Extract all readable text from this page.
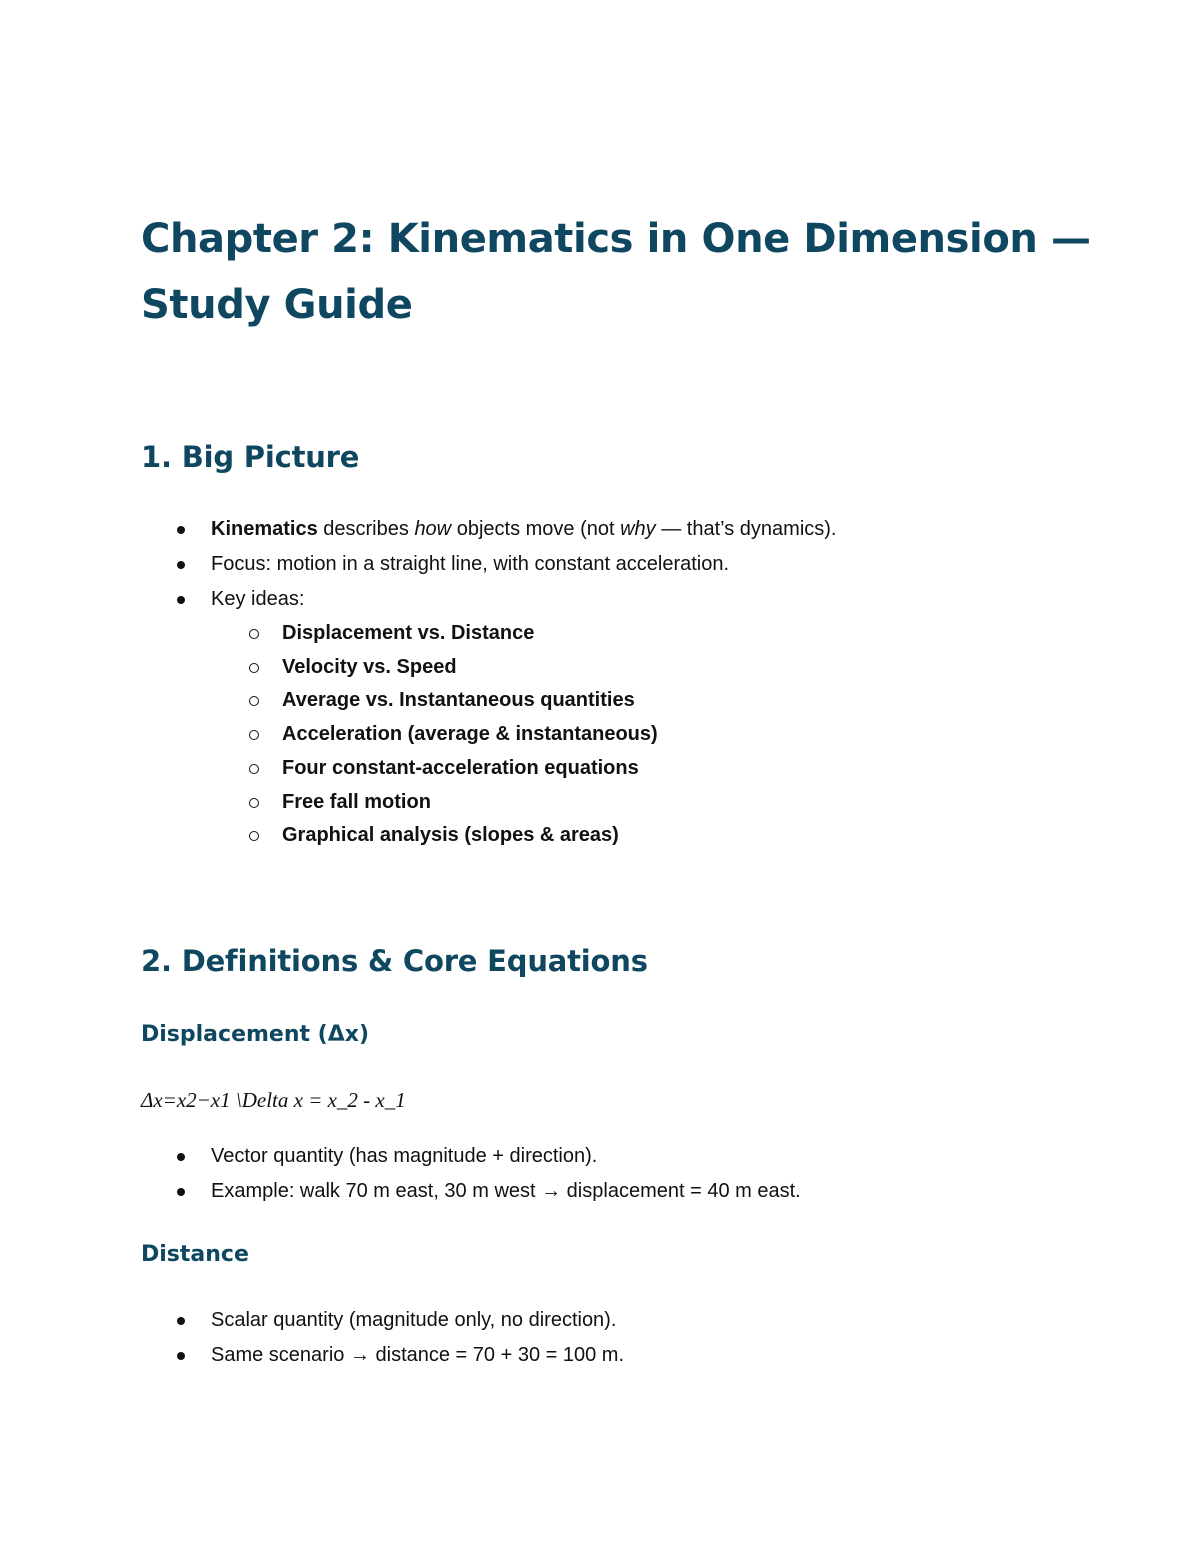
Chapter 2: Kinematics in One Dimension — Study Guide
1. Big Picture
Kinematics describes how objects move (not why — that’s dynamics).
Focus: motion in a straight line, with constant acceleration.
Key ideas:
Displacement vs. Distance
Velocity vs. Speed
Average vs. Instantaneous quantities
Acceleration (average & instantaneous)
Four constant-acceleration equations
Free fall motion
Graphical analysis (slopes & areas)
2. Definitions & Core Equations
Displacement (Δx)

Δx=x2−x1 \Delta x = x_2 - x_1

Vector quantity (has magnitude + direction).
Example: walk 70 m east, 30 m west → displacement = 40 m east.
Distance
Scalar quantity (magnitude only, no direction).
Same scenario → distance = 70 + 30 = 100 m.
